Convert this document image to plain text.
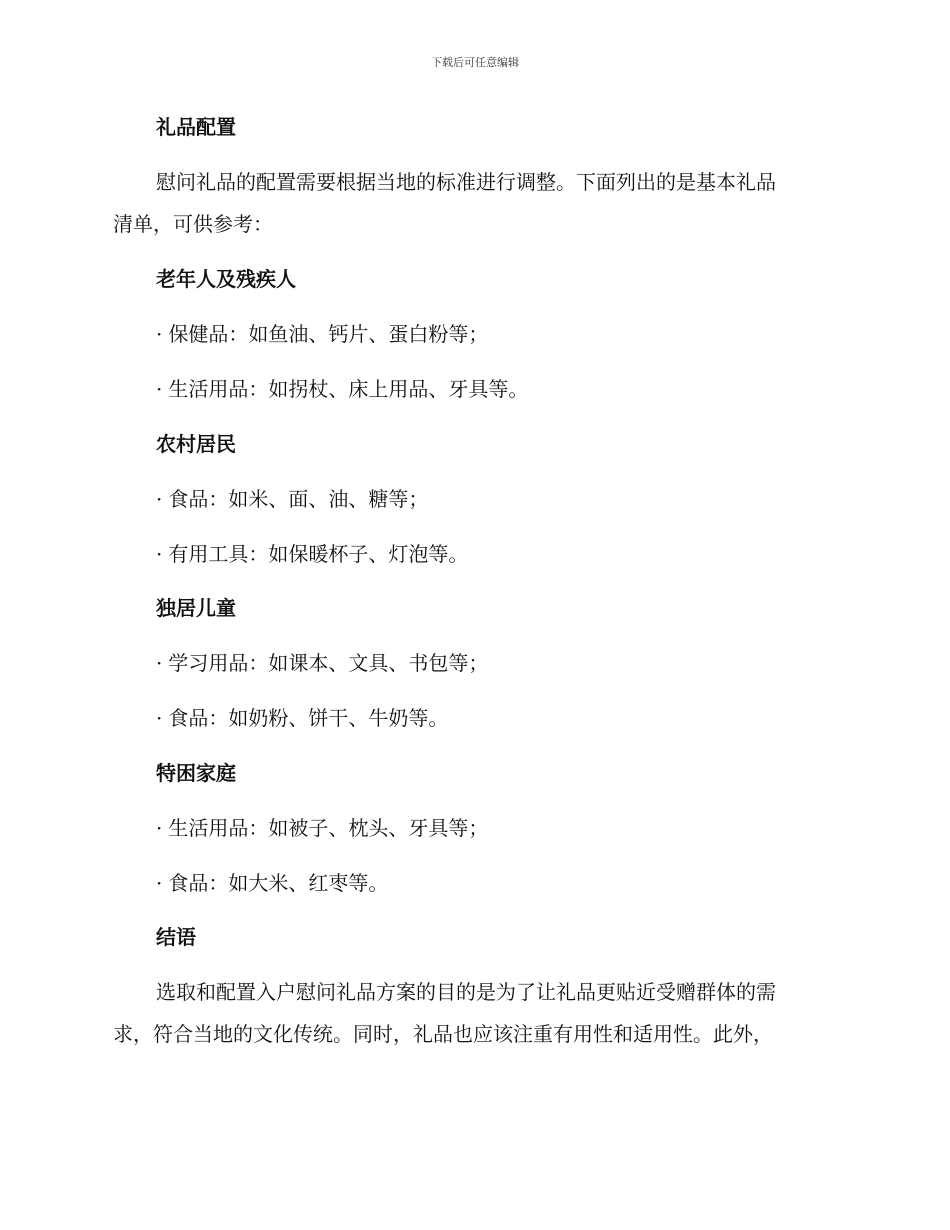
下载后可任意编辑
礼品配置
慰问礼品的配置需要根据当地的标准进行调整。下面列出的是基本礼品
清单，可供参考：
老年人及残疾人
· 保健品：如鱼油、钙片、蛋白粉等；
· 生活用品：如拐杖、床上用品、牙具等。
农村居民
· 食品：如米、面、油、糖等；
· 有用工具：如保暖杯子、灯泡等。
独居儿童
· 学习用品：如课本、文具、书包等；
· 食品：如奶粉、饼干、牛奶等。
特困家庭
· 生活用品：如被子、枕头、牙具等；
· 食品：如大米、红枣等。
结语
选取和配置入户慰问礼品方案的目的是为了让礼品更贴近受赠群体的需
求，符合当地的文化传统。同时，礼品也应该注重有用性和适用性。此外，
